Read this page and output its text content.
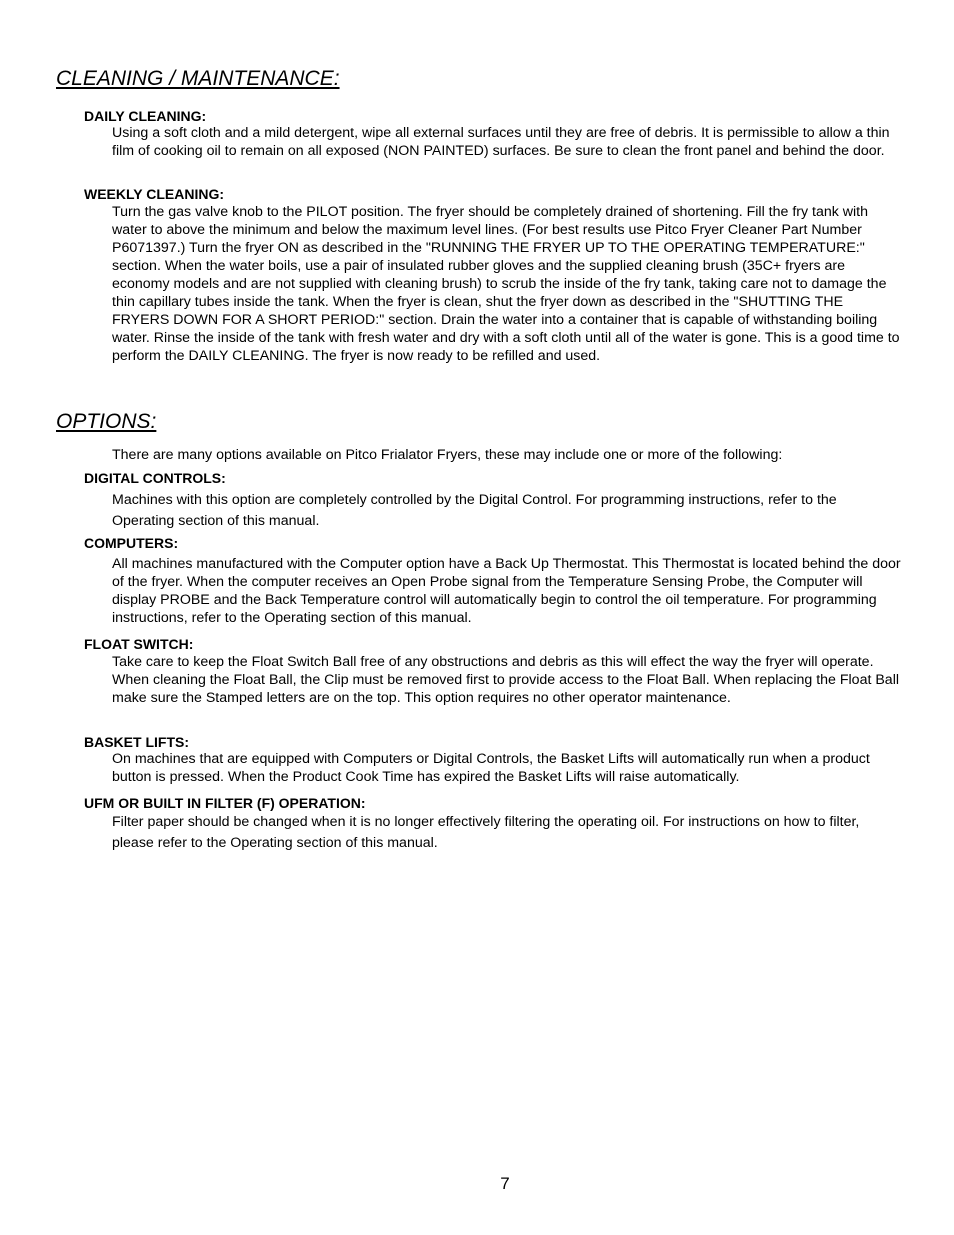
CLEANING / MAINTENANCE:
DAILY CLEANING:

Using a soft cloth and a mild detergent, wipe all external surfaces until they are free of debris. It is permissible to allow a thin film of cooking oil to remain on all exposed (NON PAINTED) surfaces. Be sure to clean the front panel and behind the door.

WEEKLY CLEANING:

Turn the gas valve knob to the PILOT position. The fryer should be completely drained of shortening. Fill the fry tank with water to above the minimum and below the maximum level lines. (For best results use Pitco Fryer Cleaner Part Number P6071397.) Turn the fryer ON as described in the "RUNNING THE FRYER UP TO THE OPERATING TEMPERATURE:" section. When the water boils, use a pair of insulated rubber gloves and the supplied cleaning brush (35C+ fryers are economy models and are not supplied with cleaning brush) to scrub the inside of the fry tank, taking care not to damage the thin capillary tubes inside the tank. When the fryer is clean, shut the fryer down as described in the "SHUTTING THE FRYERS DOWN FOR A SHORT PERIOD:" section. Drain the water into a container that is capable of withstanding boiling water. Rinse the inside of the tank with fresh water and dry with a soft cloth until all of the water is gone. This is a good time to perform the DAILY CLEANING. The fryer is now ready to be refilled and used.

OPTIONS:

There are many options available on Pitco Frialator Fryers, these may include one or more of the following:

DIGITAL CONTROLS:

Machines with this option are completely controlled by the Digital Control. For programming instructions, refer to the Operating section of this manual.

COMPUTERS:

All machines manufactured with the Computer option have a Back Up Thermostat. This Thermostat is located behind the door of the fryer. When the computer receives an Open Probe signal from the Temperature Sensing Probe, the Computer will display PROBE and the Back Temperature control will automatically begin to control the oil temperature. For programming instructions, refer to the Operating section of this manual.

FLOAT SWITCH:

Take care to keep the Float Switch Ball free of any obstructions and debris as this will effect the way the fryer will operate. When cleaning the Float Ball, the Clip must be removed first to provide access to the Float Ball. When replacing the Float Ball make sure the Stamped letters are on the top. This option requires no other operator maintenance.

BASKET LIFTS:

On machines that are equipped with Computers or Digital Controls, the Basket Lifts will automatically run when a product button is pressed. When the Product Cook Time has expired the Basket Lifts will raise automatically.

UFM OR BUILT IN FILTER (F) OPERATION:

Filter paper should be changed when it is no longer effectively filtering the operating oil. For instructions on how to filter, please refer to the Operating section of this manual.

7
